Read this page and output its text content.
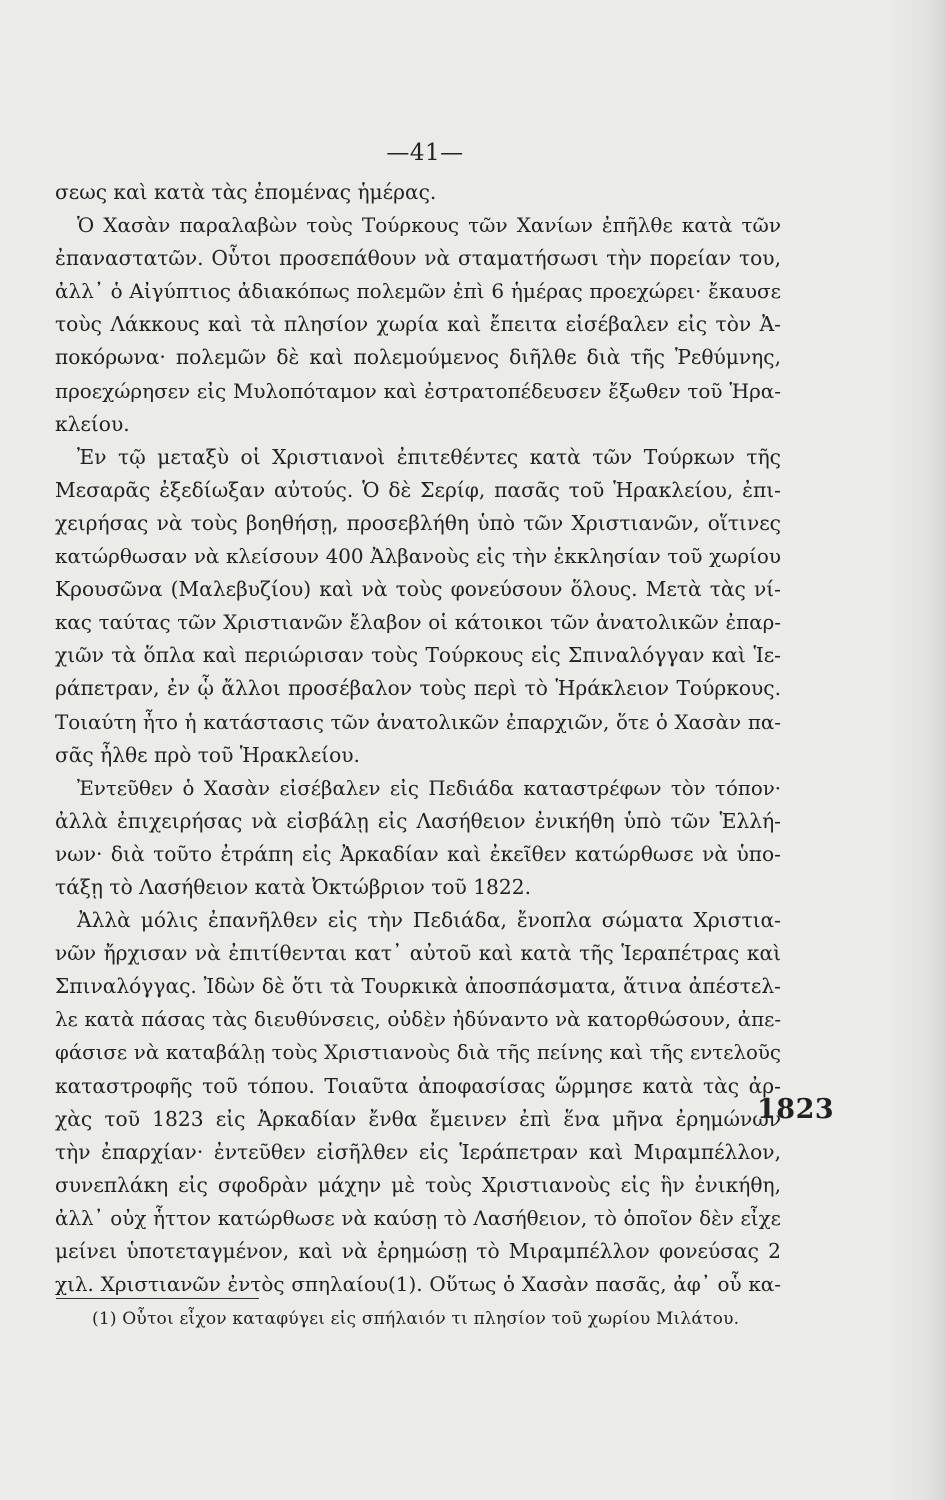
—41—
σεως καὶ κατὰ τὰς ἐπομένας ἡμέρας.
Ὁ Χασὰν παραλαβὼν τοὺς Τούρκους τῶν Χανίων ἐπῆλθε κατὰ τῶν
ἐπαναστατῶν. Οὗτοι προσεπάθουν νὰ σταματήσωσι τὴν πορείαν του,
ἀλλ᾽ ὁ Αἰγύπτιος ἀδιακόπως πολεμῶν ἐπὶ 6 ἡμέρας προεχώρει· ἔκαυσε
τοὺς Λάκκους καὶ τὰ πλησίον χωρία καὶ ἔπειτα εἰσέβαλεν εἰς τὸν Ἀ-
ποκόρωνα· πολεμῶν δὲ καὶ πολεμούμενος διῆλθε διὰ τῆς Ῥεθύμνης,
προεχώρησεν εἰς Μυλοπόταμον καὶ ἐστρατοπέδευσεν ἔξωθεν τοῦ Ἡρα-
κλείου.
Ἐν τῷ μεταξὺ οἱ Χριστιανοὶ ἐπιτεθέντες κατὰ τῶν Τούρκων τῆς
Μεσαρᾶς ἐξεδίωξαν αὐτούς. Ὁ δὲ Σερίφ, πασᾶς τοῦ Ἡρακλείου, ἐπι-
χειρήσας νὰ τοὺς βοηθήσῃ, προσεβλήθη ὑπὸ τῶν Χριστιανῶν, οἵτινες
κατώρθωσαν νὰ κλείσουν 400 Ἀλβανοὺς εἰς τὴν ἐκκλησίαν τοῦ χωρίου
Κρουσῶνα (Μαλεβυζίου) καὶ νὰ τοὺς φονεύσουν ὅλους. Μετὰ τὰς νί-
κας ταύτας τῶν Χριστιανῶν ἔλαβον οἱ κάτοικοι τῶν ἀνατολικῶν ἐπαρ-
χιῶν τὰ ὅπλα καὶ περιώρισαν τοὺς Τούρκους εἰς Σπιναλόγγαν καὶ Ἱε-
ράπετραν, ἐν ᾧ ἄλλοι προσέβαλον τοὺς περὶ τὸ Ἡράκλειον Τούρκους.
Τοιαύτη ἦτο ἡ κατάστασις τῶν ἀνατολικῶν ἐπαρχιῶν, ὅτε ὁ Χασὰν πα-
σᾶς ἦλθε πρὸ τοῦ Ἡρακλείου.
Ἐντεῦθεν ὁ Χασὰν εἰσέβαλεν εἰς Πεδιάδα καταστρέφων τὸν τόπον·
ἀλλὰ ἐπιχειρήσας νὰ εἰσβάλῃ εἰς Λασήθειον ἐνικήθη ὑπὸ τῶν Ἑλλή-
νων· διὰ τοῦτο ἐτράπη εἰς Ἀρκαδίαν καὶ ἐκεῖθεν κατώρθωσε νὰ ὑπο-
τάξῃ τὸ Λασήθειον κατὰ Ὀκτώβριον τοῦ 1822.
Ἀλλὰ μόλις ἐπανῆλθεν εἰς τὴν Πεδιάδα, ἔνοπλα σώματα Χριστια-
νῶν ἤρχισαν νὰ ἐπιτίθενται κατ᾽ αὐτοῦ καὶ κατὰ τῆς Ἱεραπέτρας καὶ
Σπιναλόγγας. Ἰδὼν δὲ ὅτι τὰ Τουρκικὰ ἀποσπάσματα, ἅτινα ἀπέστελ-
λε κατὰ πάσας τὰς διευθύνσεις, οὐδὲν ἠδύναντο νὰ κατορθώσουν, ἀπε-
φάσισε νὰ καταβάλῃ τοὺς Χριστιανοὺς διὰ τῆς πείνης καὶ τῆς εντελοῦς
καταστροφῆς τοῦ τόπου. Τοιαῦτα ἀποφασίσας ὥρμησε κατὰ τὰς ἀρ-
χὰς τοῦ 1823 εἰς Ἀρκαδίαν ἔνθα ἔμεινεν ἐπὶ ἕνα μῆνα ἐρημώνων
τὴν ἐπαρχίαν· ἐντεῦθεν εἰσῆλθεν εἰς Ἱεράπετραν καὶ Μιραμπέλλον,
συνεπλάκη εἰς σφοδρὰν μάχην μὲ τοὺς Χριστιανοὺς εἰς ἣν ἐνικήθη,
ἀλλ᾽ οὐχ ἧττον κατώρθωσε νὰ καύσῃ τὸ Λασήθειον, τὸ ὁποῖον δὲν εἶχε
μείνει ὑποτεταγμένον, καὶ νὰ ἐρημώσῃ τὸ Μιραμπέλλον φονεύσας 2
χιλ. Χριστιανῶν ἐντὸς σπηλαίου(1). Οὕτως ὁ Χασὰν πασᾶς, ἀφ᾽ οὗ κα-
1823
(1) Οὗτοι εἶχον καταφύγει εἰς σπήλαιόν τι πλησίον τοῦ χωρίου Μιλάτου.
